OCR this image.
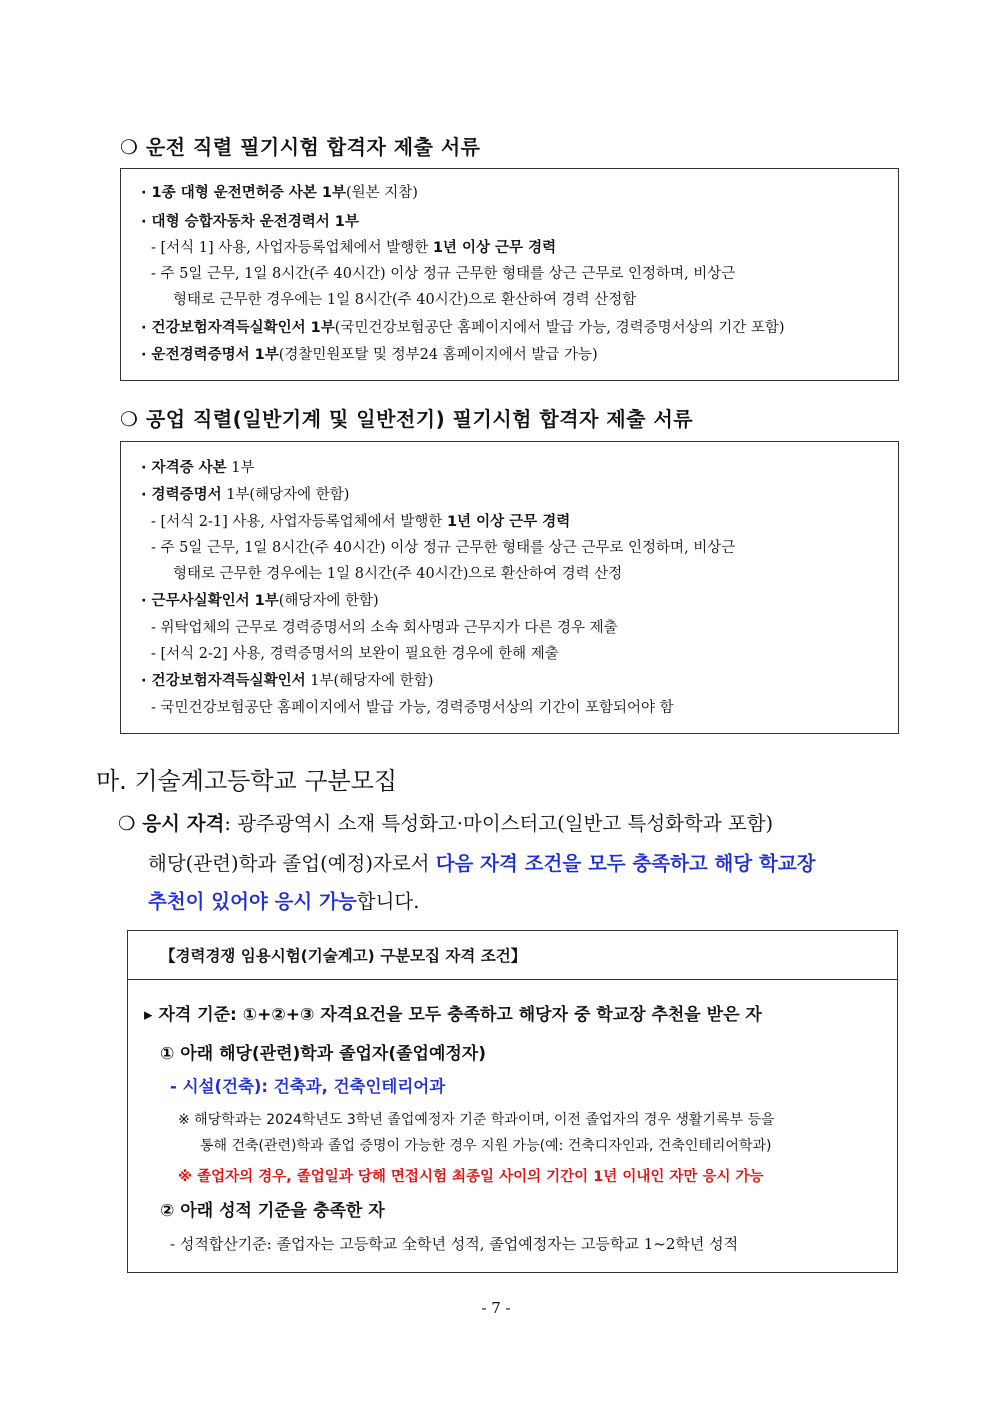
❍ 운전 직렬 필기시험 합격자 제출 서류
· 1종 대형 운전면허증 사본 1부(원본 지참)
· 대형 승합자동차 운전경력서 1부
- [서식 1] 사용, 사업자등록업체에서 발행한 1년 이상 근무 경력
- 주 5일 근무, 1일 8시간(주 40시간) 이상 정규 근무한 형태를 상근 근무로 인정하며, 비상근
형태로 근무한 경우에는 1일 8시간(주 40시간)으로 환산하여 경력 산정함
· 건강보험자격득실확인서 1부(국민건강보험공단 홈페이지에서 발급 가능, 경력증명서상의 기간 포함)
· 운전경력증명서 1부(경찰민원포탈 및 정부24 홈페이지에서 발급 가능)
❍ 공업 직렬(일반기계 및 일반전기) 필기시험 합격자 제출 서류
· 자격증 사본 1부
· 경력증명서 1부(해당자에 한함)
- [서식 2-1] 사용, 사업자등록업체에서 발행한 1년 이상 근무 경력
- 주 5일 근무, 1일 8시간(주 40시간) 이상 정규 근무한 형태를 상근 근무로 인정하며, 비상근
형태로 근무한 경우에는 1일 8시간(주 40시간)으로 환산하여 경력 산정
· 근무사실확인서 1부(해당자에 한함)
- 위탁업체의 근무로 경력증명서의 소속 회사명과 근무지가 다른 경우 제출
- [서식 2-2] 사용, 경력증명서의 보완이 필요한 경우에 한해 제출
· 건강보험자격득실확인서 1부(해당자에 한함)
- 국민건강보험공단 홈페이지에서 발급 가능, 경력증명서상의 기간이 포함되어야 함
마. 기술계고등학교 구분모집
❍ 응시 자격: 광주광역시 소재 특성화고·마이스터고(일반고 특성화학과 포함)
해당(관련)학과 졸업(예정)자로서 다음 자격 조건을 모두 충족하고 해당 학교장
추천이 있어야 응시 가능합니다.
【경력경쟁 임용시험(기술계고) 구분모집 자격 조건】
▸ 자격 기준: ①+②+③ 자격요건을 모두 충족하고 해당자 중 학교장 추천을 받은 자
① 아래 해당(관련)학과 졸업자(졸업예정자)
- 시설(건축): 건축과, 건축인테리어과
※ 해당학과는 2024학년도 3학년 졸업예정자 기준 학과이며, 이전 졸업자의 경우 생활기록부 등을
통해 건축(관련)학과 졸업 증명이 가능한 경우 지원 가능(예: 건축디자인과, 건축인테리어학과)
※ 졸업자의 경우, 졸업일과 당해 면접시험 최종일 사이의 기간이 1년 이내인 자만 응시 가능
② 아래 성적 기준을 충족한 자
- 성적합산기준: 졸업자는 고등학교 全학년 성적, 졸업예정자는 고등학교 1~2학년 성적
- 7 -
